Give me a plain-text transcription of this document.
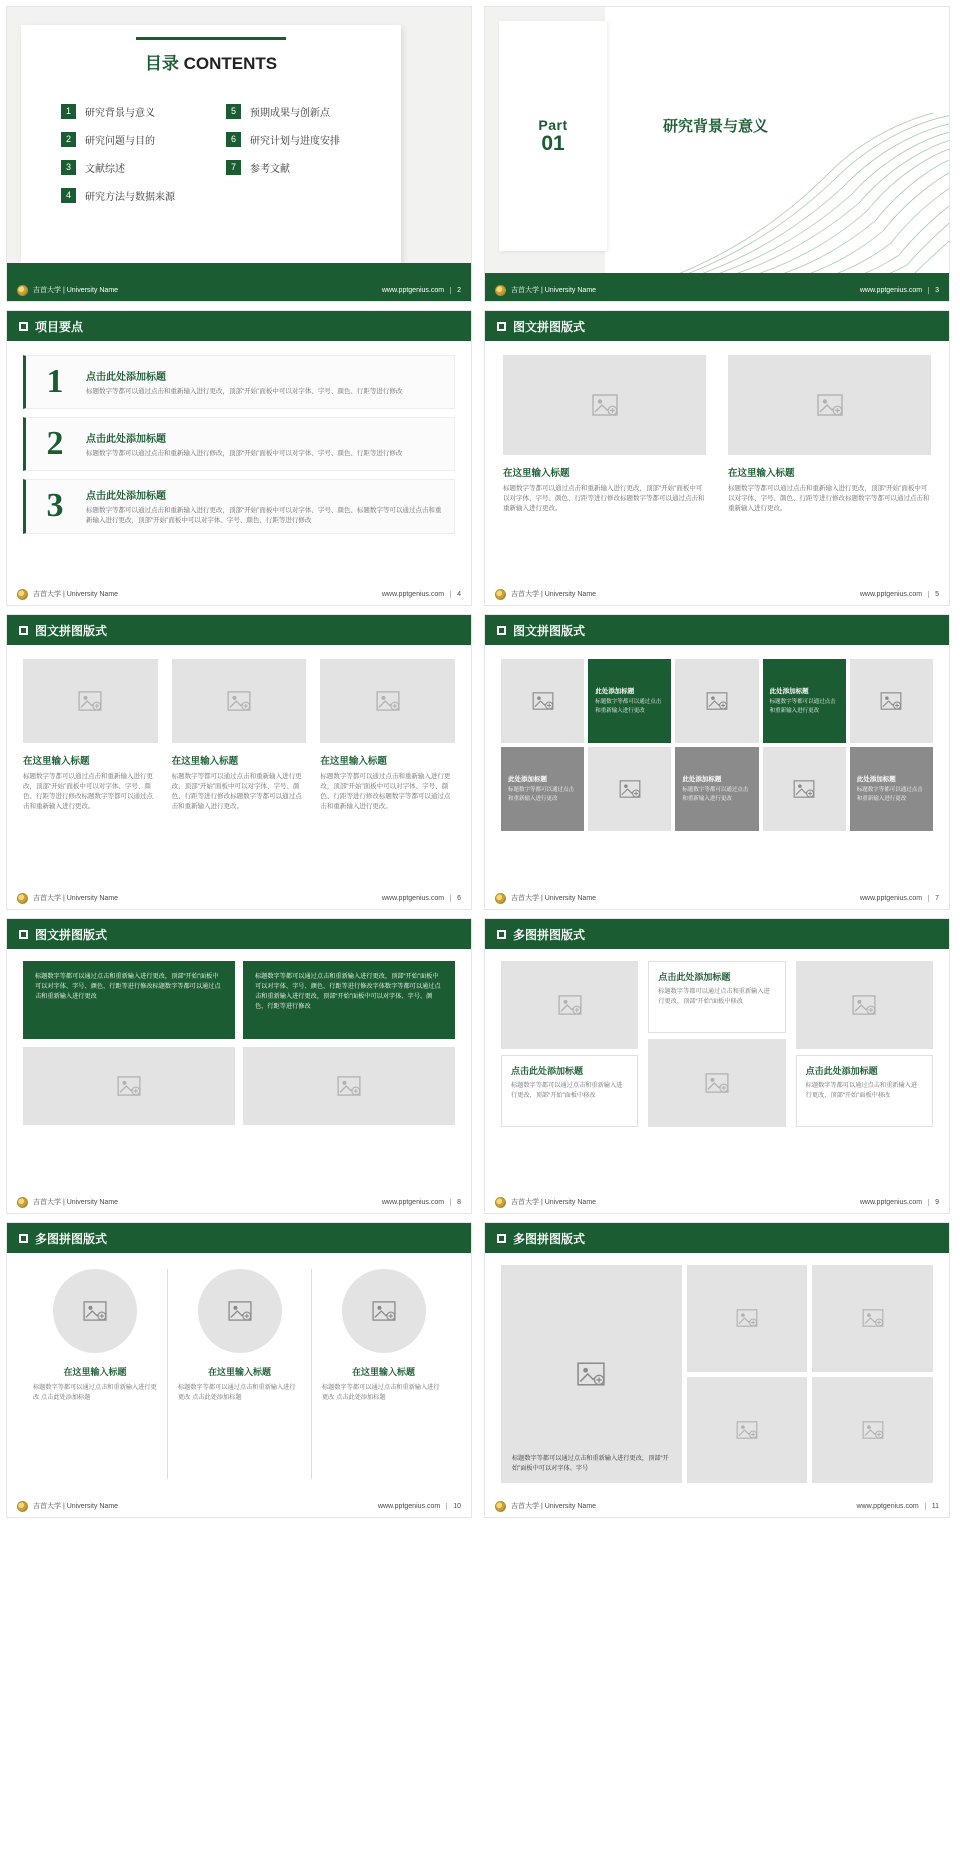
目录 CONTENTS
1	研究背景与意义
2	研究问题与目的
3	文献综述
4	研究方法与数据来源
5	预期成果与创新点
6	研究计划与进度安排
7	参考文献
吉首大学 | University Name	www.pptgenius.com	2
研究背景与意义
Part
01
吉首大学 | University Name	www.pptgenius.com	3
项目要点
1	点击此处添加标题

标题数字等都可以通过点击和重新输入进行更改，顶部“开始”面板中可以对字体、字号、颜色、行距等进行修改

2	点击此处添加标题

标题数字等都可以通过点击和重新输入进行修改，顶部“开始”面板中可以对字体、字号、颜色、行距等进行修改

3	点击此处添加标题

标题数字等都可以通过点击和重新输入进行更改，顶部“开始”面板中可以对字体、字号、颜色、标题数字等可以通过点击和重新输入进行更改，顶部“开始”面板中可以对字体、字号、颜色、行距等进行修改

吉首大学 | University Name	www.pptgenius.com	4
图文拼图版式
在这里输入标题
标题数字等都可以通过点击和重新输入进行更改，顶部“开始”面板中可以对字体、字号、颜色、行距等进行修改标题数字等都可以通过点击和重新输入进行更改。
在这里输入标题
标题数字等都可以通过点击和重新输入进行更改，顶部“开始”面板中可以对字体、字号、颜色、行距等进行修改标题数字等都可以通过点击和重新输入进行更改。
吉首大学 | University Name	www.pptgenius.com	5
图文拼图版式
在这里输入标题
标题数字等都可以通过点击和重新输入进行更改，顶部“开始”面板中可以对字体、字号、颜色、行距等进行修改标题数字等都可以通过点击和重新输入进行更改。
在这里输入标题
标题数字等都可以通过点击和重新输入进行更改，顶部“开始”面板中可以对字体、字号、颜色、行距等进行修改标题数字等都可以通过点击和重新输入进行更改。
在这里输入标题
标题数字等都可以通过点击和重新输入进行更改，顶部“开始”面板中可以对字体、字号、颜色、行距等进行修改标题数字等都可以通过点击和重新输入进行更改。
吉首大学 | University Name	www.pptgenius.com	6
图文拼图版式
此处添加标题

标题数字等都可以通过点击和重新输入进行更改

此处添加标题

标题数字等都可以通过点击和重新输入进行更改

此处添加标题

标题数字等都可以通过点击和重新输入进行更改

此处添加标题

标题数字等都可以通过点击和重新输入进行更改

此处添加标题

标题数字等都可以通过点击和重新输入进行更改

吉首大学 | University Name	www.pptgenius.com	7
图文拼图版式
标题数字等都可以通过点击和重新输入进行更改，顶部“开始”面板中可以对字体、字号、颜色、行距等进行修改标题数字等都可以通过点击和重新输入进行更改
标题数字等都可以通过点击和重新输入进行更改，顶部“开始”面板中可以对字体、字号、颜色、行距等进行修改字体数字等都可以通过点击和重新输入进行更改，顶部“开始”面板中可以对字体、字号、颜色、行距等进行修改
吉首大学 | University Name	www.pptgenius.com	8
多图拼图版式
点击此处添加标题

标题数字等都可以通过点击和重新输入进行更改，顶部“开始”面板中移改

点击此处添加标题

标题数字等都可以通过点击和重新输入进行更改，顶部“开始”面板中移改

点击此处添加标题

标题数字等都可以通过点击和重新输入进行更改，顶部“开始”面板中移改

吉首大学 | University Name	www.pptgenius.com	9
多图拼图版式
在这里输入标题

标题数字等都可以通过点击和重新输入进行更改 点击此处添加标题

在这里输入标题

标题数字等都可以通过点击和重新输入进行更改 点击此处添加标题

在这里输入标题

标题数字等都可以通过点击和重新输入进行更改 点击此处添加标题

吉首大学 | University Name	www.pptgenius.com	10
多图拼图版式
标题数字等都可以通过点击和重新输入进行更改，顶部“开始”面板中可以对字体、字号
吉首大学 | University Name	www.pptgenius.com	11
